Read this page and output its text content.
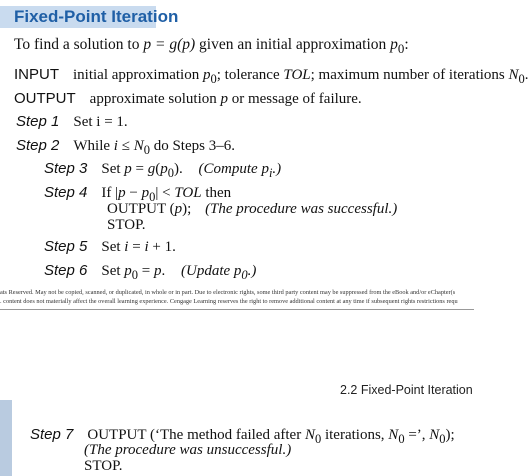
Fixed-Point Iteration
To find a solution to p = g(p) given an initial approximation $p_0$:
INPUT initial approximation $p_0$; tolerance TOL; maximum number of iterations $N_0$.
OUTPUT approximate solution p or message of failure.
Step 1 Set i = 1.
Step 2 While $i \le N_0$ do Steps 3–6.
Step 3 Set $p = g(p_0)$. (Compute $p_i$.)
Step 4 If $|p - p_0|$ < TOL then
OUTPUT (p); (The procedure was successful.)
STOP.
Step 5 Set i = i + 1.
Step 6 Set $p_0 = p$. (Update $p_0$.)
ats Reserved. May not be copied, scanned, or duplicated, in whole or in part. Due to electronic rights, some third party content may be suppressed from the eBook and/or eChapter(s
. content does not materially affect the overall learning experience. Cengage Learning reserves the right to remove additional content at any time if subsequent rights restrictions requ
2.2 Fixed-Point Iteration
Step 7 OUTPUT (‘The method failed after $N_0$ iterations, $N_0$ =’, $N_0$);
(The procedure was unsuccessful.)
STOP.
